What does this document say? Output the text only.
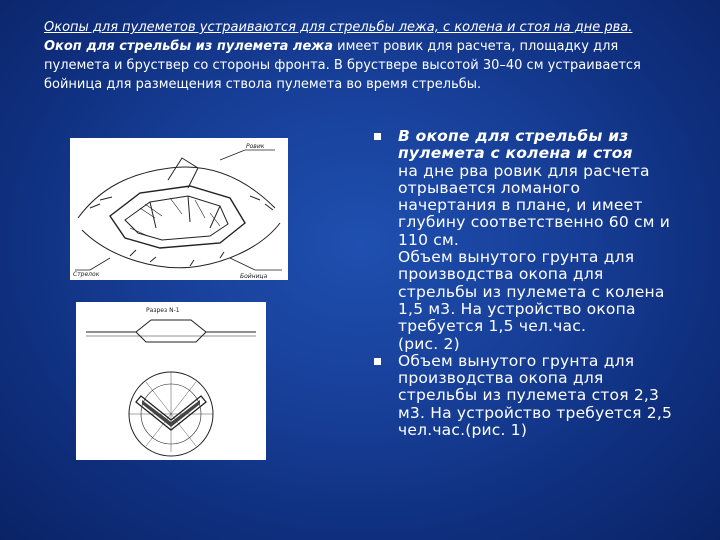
Окопы для пулеметов устраиваются для стрельбы лежа, с колена и стоя на дне рва.
Окоп для стрельбы из пулемета лежа имеет ровик для расчета, площадку для пулемета и бруствер со стороны фронта. В бруствере высотой 30–40 см устраивается бойница для размещения ствола пулемета во время стрельбы.
Ровик
Стрелок	Бойница
Разрез N-1
В окопе для стрельбы из пулемета с колена и стоя
на дне рва ровик для расчета отрывается ломаного начертания в плане, и имеет глубину соответственно 60 см и 110 см.
Объем вынутого грунта для производства окопа для стрельбы из пулемета с колена 1,5 м3. На устройство окопа требуется 1,5 чел.час.
(рис. 2)
Объем вынутого грунта для производства окопа для стрельбы из пулемета стоя 2,3 м3. На устройство требуется 2,5 чел.час.(рис. 1)
